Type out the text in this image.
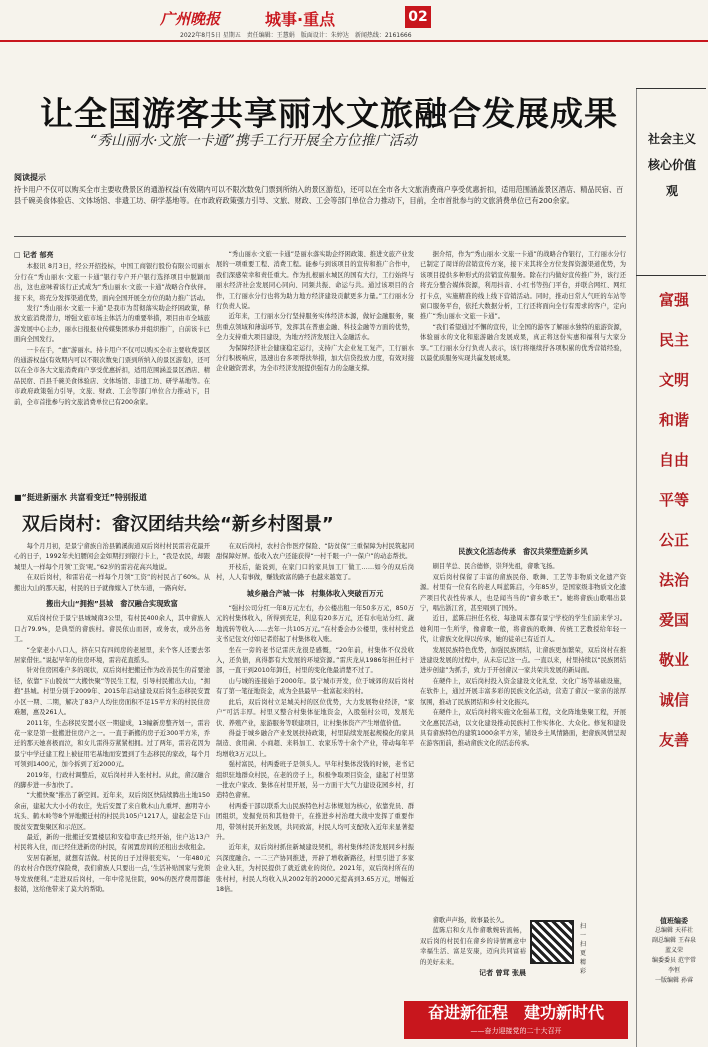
广州晚报	城事·重点	02
2022年8月5日 星期五　责任编辑：王慧娟　版面设计：朱婷达　新闻热线：2161666
让全国游客共享丽水文旅融合发展成果
“秀山丽水·文旅一卡通”携手工行开展全方位推广活动
阅读提示
持卡用户不仅可以购买全市主要收费景区的通游权益(有效期内可以不限次数免门票到所纳入的景区游览)，还可以在全市各大文旅消费商户享受优惠折扣，适用范围涵盖景区酒店、精品民宿、百县千碗美食体验店、文体场馆、非遗工坊、研学基地等。在市政府政策强力引导、文旅、财政、工会等部门单位合力推动下，目前，全市首批参与的文旅消费单位已有200余家。

□ 记者 郁亮

本报讯 8月3日，经公开招投标，中国工商银行股份有限公司丽水分行在“秀山丽水·文旅一卡通”银行专户开户银行选择项目中脱颖而出，这也意味着该行正式成为“秀山丽水·文旅一卡通”战略合作伙伴。接下来，将充分发挥渠道优势，面向全国开展全方位的助力推广活动。

发行“秀山丽水·文旅一卡通”是我市为贯彻落实助企纾困政策，释放文旅消费潜力，增强文旅市场主体活力的重要举措，项目由市全域旅游发展中心主办，丽水日报报业传媒集团承办并组织推广，自前该卡已面向全国发行。

一卡在手，“惠”游丽水。持卡用户不仅可以购买全市主要收费景区的通游权益(有效期内可以不限次数免门票到所纳入的景区游览)，还可以在全市各大文旅消费商户享受优惠折扣，适用范围涵盖景区酒店、精品民宿、百县千碗美食体验店、文体场馆、非遗工坊、研学基地等。在市政府政策强力引导，文旅、财政、工会等部门单位合力推动下，目前，全市首批参与的文旅消费单位已有200余家。

“秀山丽水·文旅一卡通”是丽水落实助企纾困政策、推进文旅产业发展的一项重要工程、消费工程。能参与到该项目的宣传和推广合作中，我们深感荣幸和责任重大。作为扎根丽水城区的国有大行，工行始终与丽水经济社会发展同心同向、同频共振、命运与共。通过该项目的合作，工行丽水分行也将为助力地方经济建设贡献更多力量。”工行丽水分行负责人说。

近年来，工行丽水分行坚持服务实体经济本源，做好金融服务，聚焦重点领域和薄弱环节，发挥其在普惠金融、科技金融等方面的优势，全力支持重大项目建设，为地方经济发展注入金融活水。

为保障经济社会健康稳定运行，支持广大企业复工复产，工行丽水分行积极响应，迅速出台多项帮扶举措，加大信贷投放力度，有效对接企业融资需求，为全市经济发展提供强有力的金融支撑。

据介绍，作为“秀山丽水·文旅一卡通”的战略合作银行，工行丽水分行已制定了周详的营销宣传方案，接下来其将全方位发挥资源渠道优势，为该项目提供多种形式的营销宣传服务。除在行内做好宣传推广外，该行还将充分整合媒体资源，利用抖音、小红书等热门平台，并联合网红、网红打卡点，实施精准的线上线下营销活动。同时，推动日常人气旺的车站等窗口服务平台，依托大数据分析，工行还将面向全行有需求的客户，定向推广“秀山丽水·文旅一卡通”。

“我们希望通过不懈的宣传，让全国的游客了解丽水独特的旅游资源，体验丽水的文化和旅游融合发展成果，真正将这份实惠和福利与大家分享。”工行丽水分行负责人表示，该行将继续抒各项积累的优秀营销经验，以最优质服务实现共赢发展成果。

■“挺进新丽水 共富看变迁”特别报道
双后岗村：畲汉团结共绘“新乡村图景”

每个月月初，是景宁畲族自治县鹤溪街道双后岗村村民雷岩花最开心的日子，1992年夫妇腰闲会金如期打到银行卡上，“我是农民，却跟城里人一样每个月领‘工资’呢。”62岁的雷岩花高兴地说。

在双后岗村，和雷岩花一样每个月领“工资”的村民占了60%。从搬出大山的那天起，村民的日子就像嫁入了快车道，一路向好。

搬出大山“拥抱”县城　畲汉融合实现致富

双后岗村位于景宁县城城南3公里，有村民400余人，其中畲族人口占79.9%，是典型的畲族村。畲民依山而居，或务农，或外出务工。

“全家老小八口人，挤在只有四间房的老屋里，来个客人还要去邻居家借住。”说起早年的住房环境，雷岩花直摇头。

针对住房困难户多的现状，双后岗村把搬迁作为改善民生的首要途径，依靠“下山脱贫”“大搬快聚”等民生工程，引导村民搬出大山，“拥抱”县城。村里分别于2009年、2015年启动建设双后岗生态移民安置小区一期、二期，解决了83户人均住房面积不足15平方米的村民住房难题，惠及261人。

2011年，生态移民安置小区一期建成，13幢新房整齐划一，雷岩花一家是第一批搬进住房户之一。一直于新搬的房子近300平方米，乔迁的那天她喜极而泣，和女儿雷得芬紧紧相拥。过了两年，雷岩花因为景宁中学迁建工程上被征用宅基地而安置到了生态移民的家改，每个月可领到1400元，加今拆到了近2000元。

2019年，行政村调整后，双后岗村并入张村村。从此，畲汉融合的脚步进一步加快了。

“大搬快聚”推出了新空间。近年来，双后岗区快陆续腾出土地150余亩，建起大大小小的农庄，先后安置了来自敕木山九重坪、惠明寺小坑头、鹤木岭等8个异地搬迁村的村民共105户1217人，建起金是下山脱贫安置集聚区和示范区。

最近，新的一批搬迁安置楼层和安稳审查已经开始，住户达13户村民将入住，而已经住进新房的村民，有闲置房间的还租出去收租金。

安居有新屋，就想有活做。村民的日子过得很充实。 ‘一年480元的农村合作医疗保险费，我们畲族人只要出一点，’生活补贴国家与党领导发放便利。”走进双后岗村，一年中常见住院，90%的医疗费用都能报销，这给他带来了莫大的帮助。

在双后岗村，农村合作医疗保险、“防贫保”三重保障为村民筑起同甜保障好屏。低收入农户还能获得“一村千眼一户一保户”的动态帮扶。

开枝后，能说到，在家门口的家具加工厂做工……如今的双后岗村，人人有事做，赚钱致富的路子也越来越宽了。

城乡融合产城一体　村集体收入突破百万元

“强村公司分红一年8万元左右，办公楼出租一年50多万元，850万元的村集体收入，所得到充足，利息有20多万元，还有水电站分红、蔬地流转等收入……去年一共105万元。”在村委会办公楼里，张村村党总支书记包文付如记者搭起了村集体收入账。

坐在一旁的老书记雷庆龙很是感慨，“20年前，村集体不仅没收入，还负债，真得都有大发展的环境资源。”雷庆龙从1986年担任村干部，一直干到2010年卸任，村里的变化他最清楚不过了。

山与城的连接始于2000年。景宁城市开发，位于城郊的双后岗村有了第一笔征地资金，成为全县最早一批富起来的村。

此后，双后岗村立足城关村的区位优势，大力发展物业经济，“家户”可活丰厚。村里又整合村集体征地资金，入股强村公司，发展光伏、养殖产业，旅游服务等联建项目，让村集体资产产生增值价值。

得益于城乡融合产业发展扶持政策，村里陆续发展起规模化的家具制造、食用菌、小商超、来料加工、农家乐等十余个产业，带动每年平均增收3万元以上。

强村富民，村两委班子是领头人。早年村集体没钱的时候，老书记组织驻地群众村民，在老的房子上，积极争取项目资金，建起了村里第一批农户家改、集体在村里开展，另一方面干大气力建设花园乡村，打造特色畲寨。

村两委干部以联系大山民族特色村志体规划为核心，依靠党员、群团组织，发掘党员和其他骨干，在推进乡村治理大战中发挥了重要作用，带领村民开拓发展，共同致富，村民人均可支配收入近年来显著提升。

近年来，双后岗村抓住新城建设契机，将村集体经济发展同乡村振兴深度融合。一二三产协同推进，开辟了增收新路径，村里引进了多家企业入驻，为村民提供了就近就业的岗位。2021年，双后岗村所在的张村村，村民人均收入从2002年的2000元提高到3.65万元，增幅近18倍。

民族文化活态传承　畲汉共荣塑造新乡风

刷目苹总、民合德修，崇拜先祖，畲歌飞扬。

双后岗村保留了丰富的畲族民俗、歌舞、工艺等非物质文化遗产资源。村里有一位有名的老人叫蓝陈启，今年85岁，是国家级非物质文化遗产项目代表性传承人，也是闻当当的“畲乡歌王”。她将畲族山歌唱出景宁，唱出浙江省，甚至唱到了国外。

近日，蓝陈启担任名校、每逢周末都有景宁学校的学生们前来学习。她利用一生所学，像畲歌一般，将畲族的歌舞、传统工艺教授给年轻一代，让畲族文化得以传承，她的徒弟已有近百人。

发展民族特色优势，加强民族团结，让畲族更加繁荣，双后岗村在推进建设发展的过程中，从未忘记这一点。一直以来，村里持续以“民族团结进步创建”为抓手，致力于开创畲汉一家共荣共发展的新局面。

在硬件上，双后岗村投入资金建设文化礼堂、文化广场等基础设施，在软件上，通过开展丰富多彩的民族文化活动，营造了畲汉一家亲的浓厚氛围，推动了民族团结和乡村文化振兴。

在硬件上，双后岗村将实施文化强基工程，文化阵地集聚工程，开展文化惠民活动，以文化建设推动民族村工作实体化、大众化。修复和建设具有畲族特色的建筑1000余平方米，铺设乡土风情路面，把畲族风情呈现在游客面前，推动畲族文化的活态传承。

畲歌声声扬，故事最长久。

蓝陈启和女儿作畲歌婉转流畅，双后岗的村民们在畲乡的诗情画意中幸福生活、富足安康，迈向共同富裕的美好未来。

记者 曾茸 张晨

扫一扫更精彩
奋进新征程　建功新时代
——奋力迎接党的二十大召开
社会主义核心价值观
富强
民主
文明
和谐
自由
平等
公正
法治
爱国
敬业
诚信
友善
值班编委
总编辑 天祥社
副总编辑 王春泉
蓝义荣
编委委员 范宇常
李恒
一版编辑 孙睿
